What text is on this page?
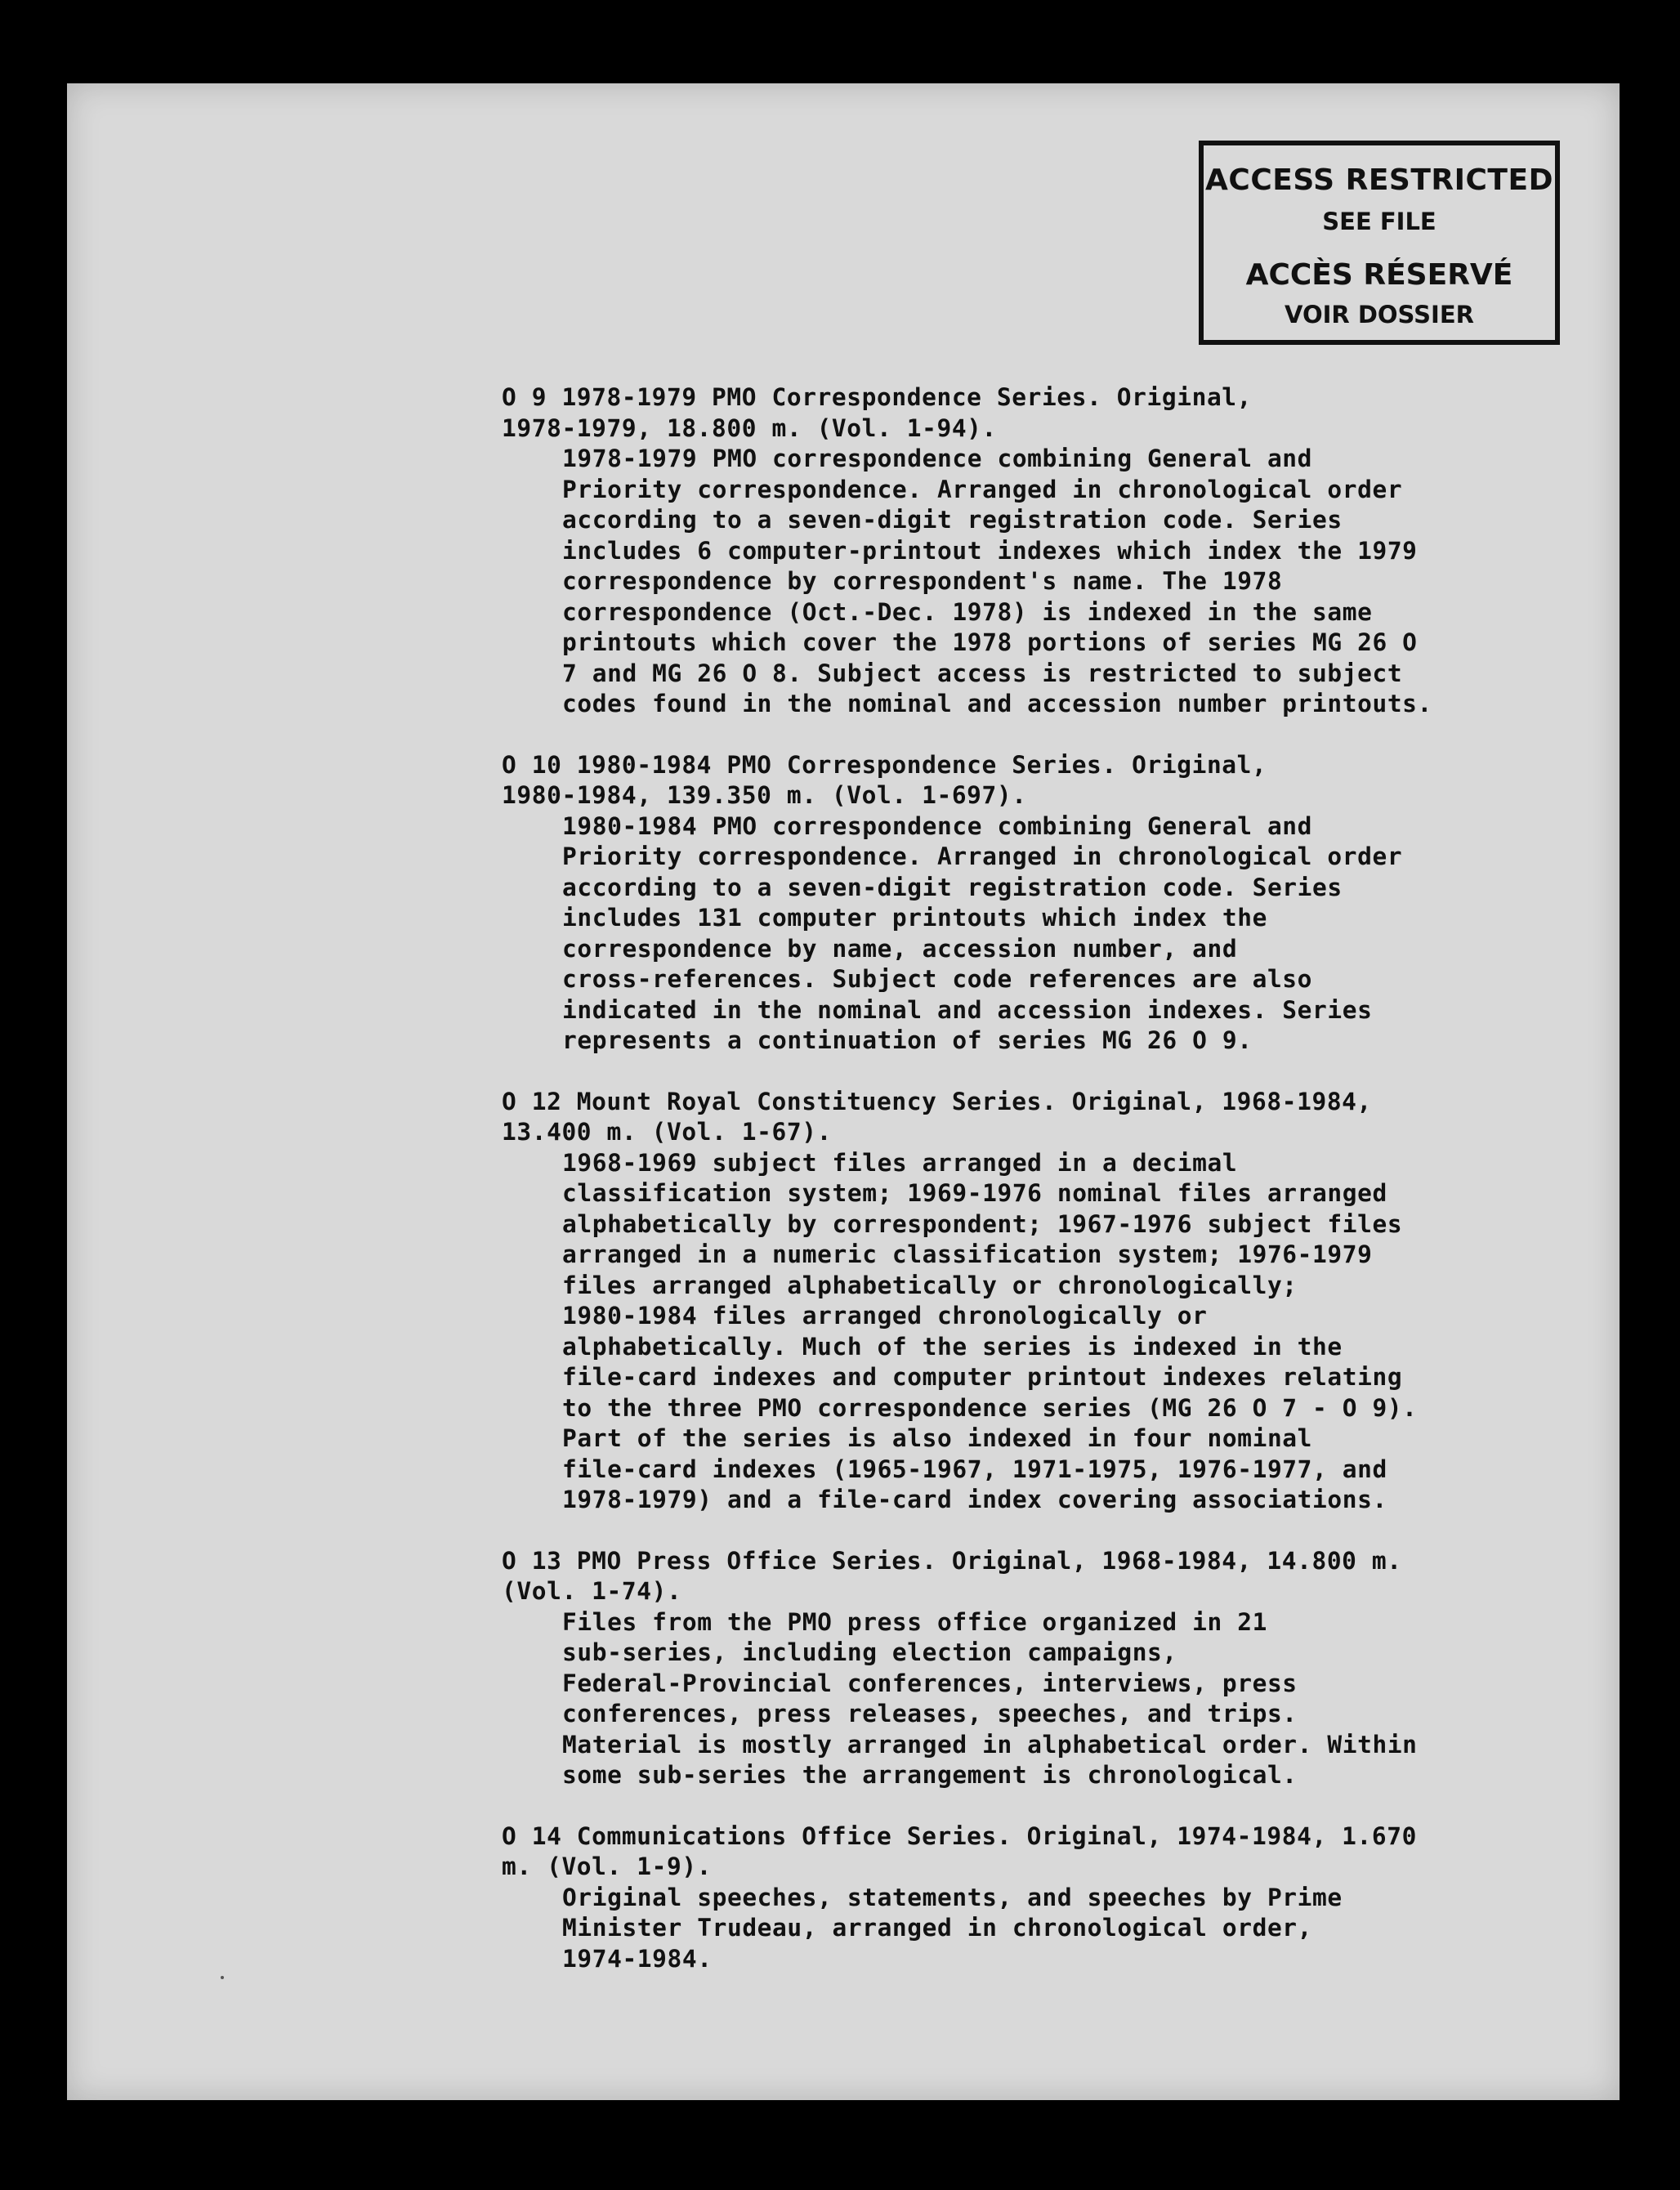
ACCESS RESTRICTED
SEE FILE
ACCÈS RÉSERVÉ
VOIR DOSSIER
O 9 1978-1979 PMO Correspondence Series. Original,
1978-1979, 18.800 m. (Vol. 1-94).
1978-1979 PMO correspondence combining General and
Priority correspondence. Arranged in chronological order
according to a seven-digit registration code. Series
includes 6 computer-printout indexes which index the 1979
correspondence by correspondent's name. The 1978
correspondence (Oct.-Dec. 1978) is indexed in the same
printouts which cover the 1978 portions of series MG 26 O
7 and MG 26 O 8. Subject access is restricted to subject
codes found in the nominal and accession number printouts.
O 10 1980-1984 PMO Correspondence Series. Original,
1980-1984, 139.350 m. (Vol. 1-697).
1980-1984 PMO correspondence combining General and
Priority correspondence. Arranged in chronological order
according to a seven-digit registration code. Series
includes 131 computer printouts which index the
correspondence by name, accession number, and
cross-references. Subject code references are also
indicated in the nominal and accession indexes. Series
represents a continuation of series MG 26 O 9.
O 12 Mount Royal Constituency Series. Original, 1968-1984,
13.400 m. (Vol. 1-67).
1968-1969 subject files arranged in a decimal
classification system; 1969-1976 nominal files arranged
alphabetically by correspondent; 1967-1976 subject files
arranged in a numeric classification system; 1976-1979
files arranged alphabetically or chronologically;
1980-1984 files arranged chronologically or
alphabetically. Much of the series is indexed in the
file-card indexes and computer printout indexes relating
to the three PMO correspondence series (MG 26 O 7 - O 9).
Part of the series is also indexed in four nominal
file-card indexes (1965-1967, 1971-1975, 1976-1977, and
1978-1979) and a file-card index covering associations.
O 13 PMO Press Office Series. Original, 1968-1984, 14.800 m.
(Vol. 1-74).
Files from the PMO press office organized in 21
sub-series, including election campaigns,
Federal-Provincial conferences, interviews, press
conferences, press releases, speeches, and trips.
Material is mostly arranged in alphabetical order. Within
some sub-series the arrangement is chronological.
O 14 Communications Office Series. Original, 1974-1984, 1.670
m. (Vol. 1-9).
Original speeches, statements, and speeches by Prime
Minister Trudeau, arranged in chronological order,
1974-1984.
